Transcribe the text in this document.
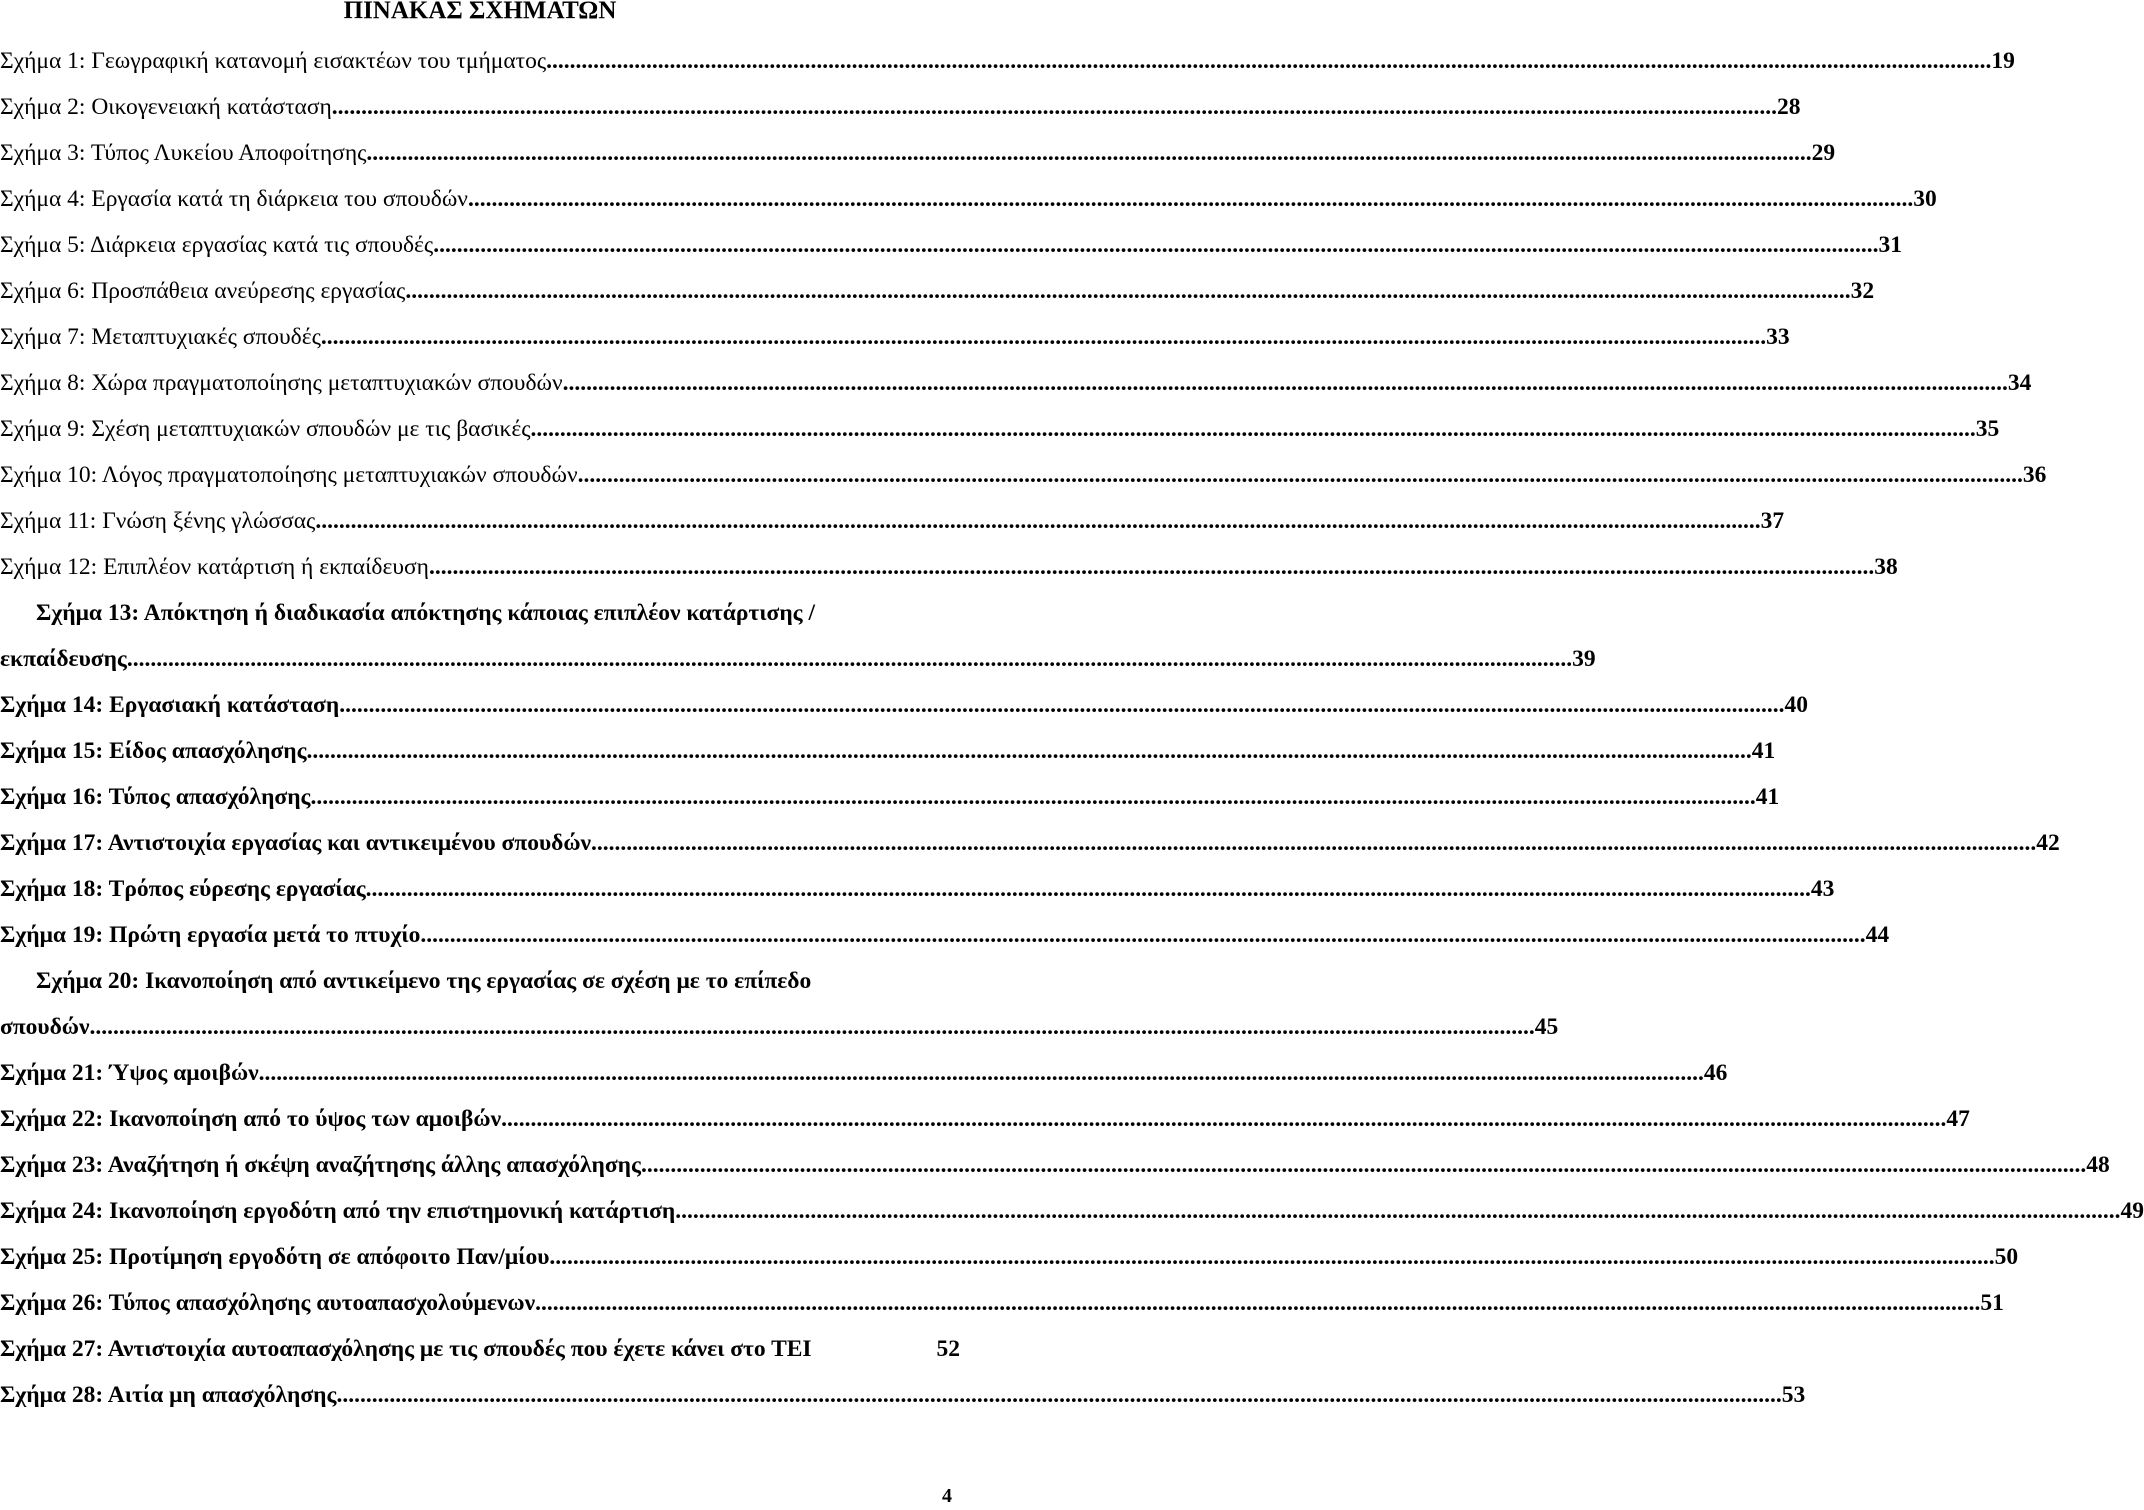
ΠΙΝΑΚΑΣ ΣΧΗΜΑΤΩΝ
Σχήμα 1: Γεωγραφική κατανομή εισακτέων του τμήματος .....	19
Σχήμα 2: Οικογενειακή κατάσταση .....	28
Σχήμα 3: Τύπος Λυκείου Αποφοίτησης .....	29
Σχήμα 4: Εργασία κατά τη διάρκεια του σπουδών .....	30
Σχήμα 5: Διάρκεια εργασίας κατά τις σπουδές .....	31
Σχήμα 6: Προσπάθεια ανεύρεσης εργασίας .....	32
Σχήμα 7: Μεταπτυχιακές σπουδές .....	33
Σχήμα 8: Χώρα πραγματοποίησης μεταπτυχιακών σπουδών .....	34
Σχήμα 9: Σχέση μεταπτυχιακών σπουδών με τις βασικές .....	35
Σχήμα 10: Λόγος πραγματοποίησης μεταπτυχιακών σπουδών .....	36
Σχήμα 11: Γνώση ξένης γλώσσας .....	37
Σχήμα 12: Επιπλέον κατάρτιση ή εκπαίδευση .....	38
Σχήμα 13: Απόκτηση ή διαδικασία απόκτησης κάποιας επιπλέον κατάρτισης /
εκπαίδευσης .....	39
Σχήμα 14: Εργασιακή κατάσταση .....	40
Σχήμα 15: Είδος απασχόλησης .....	41
Σχήμα 16: Τύπος απασχόλησης .....	41
Σχήμα 17: Αντιστοιχία εργασίας και αντικειμένου σπουδών .....	42
Σχήμα 18: Τρόπος εύρεσης εργασίας .....	43
Σχήμα 19: Πρώτη εργασία μετά το πτυχίο .....	44
Σχήμα 20: Ικανοποίηση από αντικείμενο της εργασίας σε σχέση με το επίπεδο
σπουδών .....	45
Σχήμα 21: Ύψος αμοιβών .....	46
Σχήμα 22: Ικανοποίηση από το ύψος των αμοιβών .....	47
Σχήμα 23: Αναζήτηση ή σκέψη αναζήτησης άλλης απασχόλησης .....	48
Σχήμα 24: Ικανοποίηση εργοδότη από την επιστημονική κατάρτιση .....	49
Σχήμα 25: Προτίμηση εργοδότη σε απόφοιτο Παν/μίου .....	50
Σχήμα 26: Τύπος απασχόλησης αυτοαπασχολούμενων .....	51
Σχήμα 27: Αντιστοιχία αυτοαπασχόλησης με τις σπουδές που έχετε κάνει στο ΤΕΙ	52
Σχήμα 28: Αιτία μη απασχόλησης .....	53
4
